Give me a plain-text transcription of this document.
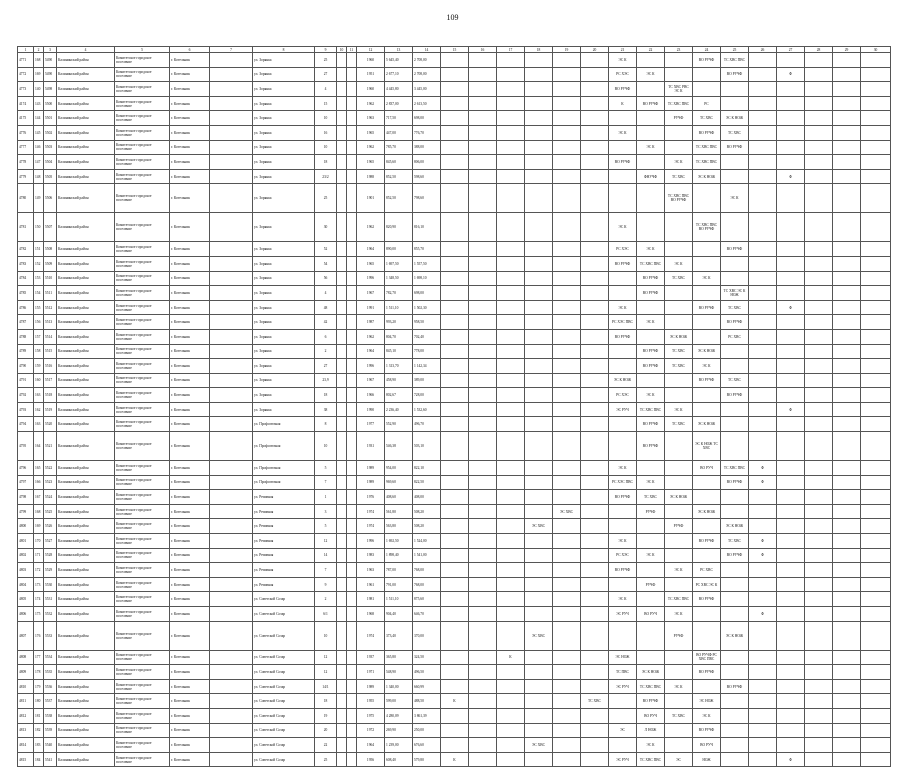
109
1	2	3	4	5	6	7	8	9	10	11	12	13	14	15	16	17	18	19	20	21	22	23	24	25	26	27	28	29	30
4771	168	5490	Калининский район	Комитетское городское поселение	г. Котельник		ул. Зорянка	25			1960	5 645,40	2 708,00							ЭС К			ВО РУЧФ	ТС ХВС ПВС					
4772	169	5490	Калининский район	Комитетское городское поселение	г. Котельник		ул. Зорянка	27			1951	2 677,10	2 708,00							РС ХЭС	ЭС К			ВО РУЧФ		Ф			
4773	140	5498	Калининский район	Комитетское городское поселение	г. Котельник		ул. Зорянка	4			1960	4 445,80	3 445,00							ВО РУЧФ		ТС ХВС РВС ЭС К							
4174	143	5500	Калининский район	Комитетское городское поселение	г. Котельник		ул. Зорянка	15			1962	2 837,00	2 613,50							К	ВО РУЧФ	ТС ХВС ПВС	РС						
4175	144	5501	Калининский район	Комитетское городское поселение	г. Котельник		ул. Зорянка	10			1963	717,50	698,00									РУЧФ	ТС ХВС	ЭС К НОЖ					
4776	145	5502	Калининский район	Комитетское городское поселение	г. Котельник		ул. Зорянка	16			1965	447,00	776,70							ЭС К			ВО РУЧФ	ТС ХВС					
4777	146	5503	Калининский район	Комитетское городское поселение	г. Котельник		ул. Зорянка	10			1962	785,70	388,00								ЭС К		ТС ХВС ПВС	ВО РУЧФ					
4778	147	5504	Калининский район	Комитетское городское поселение	г. Котельник		ул. Зорянка	18			1965	845,60	806,00							ВО РУЧФ		ЭС К	ТС ХВС ПВС						
4779	148	5505	Калининский район	Комитетское городское поселение	г. Котельник		ул. Зорянка	23/2			1988	852,50	598,60								ФНУЧФ	ТС ХВС	ЭС К НОЖ			Ф			
4780	149	5506	Калининский район	Комитетское городское поселение	г. Котельник		ул. Зорянка	25			1901	852,50	798,60									ТС ХВС ПВС ВО РУЧФ		ЭС К					
4781	150	5507	Калининский район	Комитетское городское поселение	г. Котельник		ул. Зорянка	30			1962	820,90	816,10							ЭС К			ТС ХВС ПВС ВО РУЧФ						
4782	151	5508	Калининский район	Комитетское городское поселение	г. Котельник		ул. Зорянка	52			1964	890,00	855,70							РС ХЭС	ЭС К			ВО РУЧФ					
4783	152	5509	Калининский район	Комитетское городское поселение	г. Котельник		ул. Зорянка	54			1965	1 697,50	1 557,50							ВО РУЧФ	ТС ХВС ПВС	ЭС К							
4784	153	5510	Калининский район	Комитетское городское поселение	г. Котельник		ул. Зорянка	56			1996	1 348,50	1 698,10								ВО РУЧФ	ТС ХВС	ЭС К						
4785	154	5511	Калининский район	Комитетское городское поселение	г. Котельник		ул. Зорянка	4			1967	782,70	698,00								ВО РУЧФ			ТС ХВС ЭС К НОЖ					
4786	155	5512	Калининский район	Комитетское городское поселение	г. Котельник		ул. Зорянка	48			1991	1 511,10	1 502,30							ЭС К			ВО РУЧФ	ТС ХВС		Ф			
4787	156	5513	Калининский район	Комитетское городское поселение	г. Котельник		ул. Зорянка	42			1987	993,20	958,50							РС ХЭС ПВС	ЭС К			ВО РУЧФ					
4788	157	5514	Калининский район	Комитетское городское поселение	г. Котельник		ул. Зорянка	6			1962	804,70	702,40							ВО РУЧФ		ЭС К НОЖ		РС ХВС					
4789	158	5515	Калининский район	Комитетское городское поселение	г. Котельник		ул. Зорянка	2			1964	845,10	778,00								ВО РУЧФ	ТС ХВС	ЭС К НОЖ						
4790	159	5516	Калининский район	Комитетское городское поселение	г. Котельник		ул. Зорянка	27			1996	1 313,70	1 142,34								ВО РУЧФ	ТС ХВС	ЭС К						
4791	160	5517	Калининский район	Комитетское городское поселение	г. Котельник		ул. Зорянка	23,9			1967	458,90	389,00							ЭС К НОЖ			ВО РУЧФ	ТС ХВС					
4792	163	5518	Калининский район	Комитетское городское поселение	г. Котельник		ул. Зорянка	18			1966	802,67	728,00							РС ХЭС	ЭС К			ВО РУЧФ					
4793	162	5519	Калининский район	Комитетское городское поселение	г. Котельник		ул. Зорянка	38			1990	2 236,40	1 532,60							ЭС РУЧ	ТС ХВС ПВС	ЭС К				Ф			
4794	163	5520	Калининский район	Комитетское городское поселение	г. Котельник		ул. Профсоюзная	8			1977	552,90	496,70								ВО РУЧФ	ТС ХВС	ЭС К НОЖ						
4795	164	5521	Калининский район	Комитетское городское поселение	г. Котельник		ул. Профсоюзная	10			1931	546,38	503,10								ВО РУЧФ		ЭС К НОЖ ТС ХВС						
4796	165	5522	Калининский район	Комитетское городское поселение	г. Котельник		ул. Профсоюзная	5			1989	954,00	822,10							ЭС К			ВО РУЧ	ТС ХВС ПВС	Ф				
4797	166	5523	Калининский район	Комитетское городское поселение	г. Котельник		ул. Профсоюзная	7			1989	969,60	822,50							РС ХЭС ПВС	ЭС К			ВО РУЧФ	Ф				
4798	167	5524	Калининский район	Комитетское городское поселение	г. Котельник		ул. Речивная	1			1976	408,60	408,00							ВО РУЧФ	ТС ХВС	ЭС К НОЖ							
4799	168	5525	Калининский район	Комитетское городское поселение	г. Котельник		ул. Речивная	3			1974	561,80	508,20					ЭС ХВС			РУЧФ		ЭС К НОЖ						
4800	169	5526	Калининский район	Комитетское городское поселение	г. Котельник		ул. Речивная	5			1974	563,80	508,20				ЭС ХВС					РУЧФ		ЭС К НОЖ					
4801	170	5527	Калининский район	Комитетское городское поселение	г. Котельник		ул. Речивная	12			1996	1 692,50	1 524,00							ЭС К			ВО РУЧФ	ТС ХВС	Ф				
4802	171	5528	Калининский район	Комитетское городское поселение	г. Котельник		ул. Речивная	14			1983	1 898,40	1 541,00							РС ХЭС	ЭС К			ВО РУЧФ	Ф				
4803	172	5529	Калининский район	Комитетское городское поселение	г. Котельник		ул. Речивная	7			1963	787,00	768,00							ВО РУЧФ		ЭС К	РС ХВС						
4804	173	5530	Калининский район	Комитетское городское поселение	г. Котельник		ул. Речивная	9			1961	791,00	768,00								РУЧФ		РС ХВС ЭС К						
4805	174	5531	Калининский район	Комитетское городское поселение	г. Котельник		ул. Советской Созар	2			1981	1 511,10	875,60							ЭС К		ТС ХВС ПВС	ВО РУЧФ						
4806	175	5532	Калининский район	Комитетское городское поселение	г. Котельник		ул. Советской Созар	6/1			1968	904,40	646,70							ЭС РУЧ	ВО РУЧ	ЭС К			Ф				
4807	176	5533	Калининский район	Комитетское городское поселение	г. Котельник		ул. Советской Созар	10			1974	373,40	370,00				ЭС ХВС					РУЧФ		ЭС К НОЖ					
4808	177	5534	Калининский район	Комитетское городское поселение	г. Котельник		ул. Советской Созар	12			1937	365,80	324,50			К				ЭС НОЖ			ВО РУЧФ РС ХВС ПВС						
4809	178	5535	Калининский район	Комитетское городское поселение	г. Котельник		ул. Советской Созар	12			1971	548,90	496,50							ТС ПВС	ЭС К НОЖ		ВО РУЧФ						
4810	179	5536	Калининский район	Комитетское городское поселение	г. Котельник		ул. Советской Созар	14/1			1989	1 340,00	660,99							ЭС РУЧ	ТС ХВС ПВС	ЭС К		ВО РУЧФ					
4811	180	5537	Калининский район	Комитетское городское поселение	г. Котельник		ул. Советской Созар	18			1955	599,00	488,50	К					ТС ХВС		ВО РУЧФ		ЭС НОЖ						
4812	181	5538	Калининский район	Комитетское городское поселение	г. Котельник		ул. Советской Созар	19			1975	4 280,09	3 861,39								ВО РУЧ	ТС ХВС	ЭС К						
4813	182	5539	Калининский район	Комитетское городское поселение	г. Котельник		ул. Советской Созар	20			1972	269,90	250,00							ЭС	Л НОЖ		ВО РУЧФ						
4814	183	5540	Калининский район	Комитетское городское поселение	г. Котельник		ул. Советской Созар	22			1964	1 239,00	676,60				ЭС ХВС				ЭС К		ВО РУЧ						
4815	184	5541	Калининский район	Комитетское городское поселение	г. Котельник		ул. Советской Созар	25			1956	608,40	579,80	К						ЭС РУЧ	ТС ХВС ПВС	ЭС	НОЖ			Ф			
